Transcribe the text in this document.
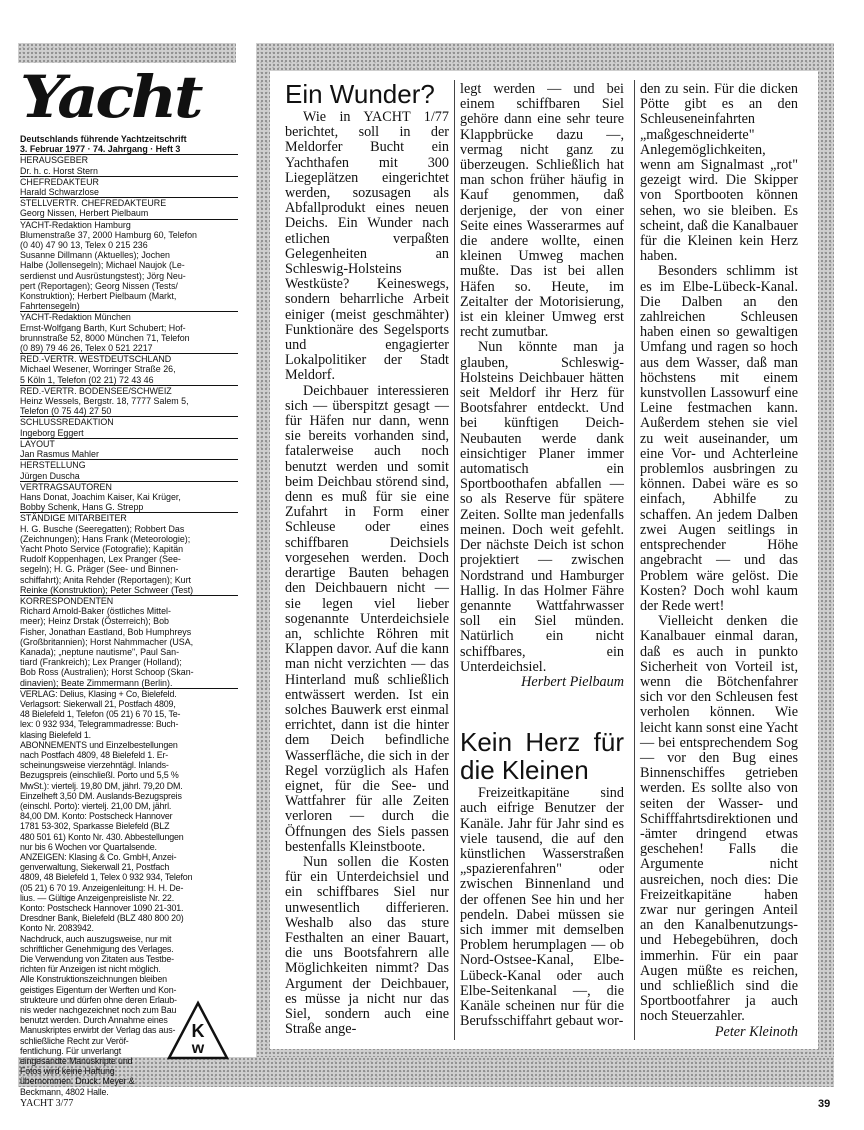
Yacht
Deutschlands führende Yachtzeitschrift
3. Februar 1977 · 74. Jahrgang · Heft 3
HERAUSGEBER
Dr. h. c. Horst Stern
CHEFREDAKTEUR
Harald Schwarzlose
STELLVERTR. CHEFREDAKTEURE
Georg Nissen, Herbert Pielbaum
YACHT-Redaktion Hamburg
Blumenstraße 37, 2000 Hamburg 60, Telefon
(0 40) 47 90 13, Telex 0 215 236
Susanne Dillmann (Aktuelles); Jochen
Halbe (Jollensegeln); Michael Naujok (Le-
serdienst und Ausrüstungstest); Jörg Neu-
pert (Reportagen); Georg Nissen (Tests/
Konstruktion); Herbert Pielbaum (Markt,
Fahrtensegeln)
YACHT-Redaktion München
Ernst-Wolfgang Barth, Kurt Schubert; Hof-
brunnstraße 52, 8000 München 71, Telefon
(0 89) 79 46 26, Telex 0 521 2217
RED.-VERTR. WESTDEUTSCHLAND
Michael Wesener, Worringer Straße 26,
5 Köln 1, Telefon (02 21) 72 43 46
RED.-VERTR. BODENSEE/SCHWEIZ
Heinz Wessels, Bergstr. 18, 7777 Salem 5,
Telefon (0 75 44) 27 50
SCHLUSSREDAKTION
Ingeborg Eggert
LAYOUT
Jan Rasmus Mahler
HERSTELLUNG
Jürgen Duscha
VERTRAGSAUTOREN
Hans Donat, Joachim Kaiser, Kai Krüger,
Bobby Schenk, Hans G. Strepp
STÄNDIGE MITARBEITER
H. G. Busche (Seeregatten); Robbert Das
(Zeichnungen); Hans Frank (Meteorologie);
Yacht Photo Service (Fotografie); Kapitän
Rudolf Koppenhagen, Lex Pranger (See-
segeln); H. G. Präger (See- und Binnen-
schiffahrt); Anita Rehder (Reportagen); Kurt
Reinke (Konstruktion); Peter Schweer (Test)
KORRESPONDENTEN
Richard Arnold-Baker (östliches Mittel-
meer); Heinz Drstak (Österreich); Bob
Fisher, Jonathan Eastland, Bob Humphreys
(Großbritannien); Horst Nahmmacher (USA,
Kanada); „neptune nautisme", Paul San-
tiard (Frankreich); Lex Pranger (Holland);
Bob Ross (Australien); Horst Schoop (Skan-
dinavien); Beate Zimmermann (Berlin).
VERLAG: Delius, Klasing + Co, Bielefeld.
Verlagsort: Siekerwall 21, Postfach 4809,
48 Bielefeld 1, Telefon (05 21) 6 70 15, Te-
lex: 0 932 934, Telegrammadresse: Buch-
klasing Bielefeld 1.
ABONNEMENTS und Einzelbestellungen
nach Postfach 4809, 48 Bielefeld 1. Er-
scheinungsweise vierzehntägl. Inlands-
Bezugspreis (einschließl. Porto und 5,5 %
MwSt.): viertelj. 19,80 DM, jährl. 79,20 DM.
Einzelheft 3,50 DM. Auslands-Bezugspreis
(einschl. Porto): viertelj. 21,00 DM, jährl.
84,00 DM. Konto: Postscheck Hannover
1781 53-302, Sparkasse Bielefeld (BLZ
480 501 61) Konto Nr. 430. Abbestellungen
nur bis 6 Wochen vor Quartalsende.
ANZEIGEN: Klasing & Co. GmbH, Anzei-
genverwaltung, Siekerwall 21, Postfach
4809, 48 Bielefeld 1, Telex 0 932 934, Telefon
(05 21) 6 70 19. Anzeigenleitung: H. H. De-
lius. — Gültige Anzeigenpreisliste Nr. 22.
Konto: Postscheck Hannover 1090 21-301.
Dresdner Bank, Bielefeld (BLZ 480 800 20)
Konto Nr. 2083942.
Nachdruck, auch auszugsweise, nur mit
schriftlicher Genehmigung des Verlages.
Die Verwendung von Zitaten aus Testbe-
richten für Anzeigen ist nicht möglich.
Alle Konstruktionszeichnungen bleiben
geistiges Eigentum der Werften und Kon-
strukteure und dürfen ohne deren Erlaub-
nis weder nachgezeichnet noch zum Bau
benutzt werden. Durch Annahme eines
Manuskriptes erwirbt der Verlag das aus-
schließliche Recht zur Veröf-
fentlichung. Für unverlangt
eingesandte Manuskripte und
Fotos wird keine Haftung
übernommen. Druck: Meyer &
Beckmann, 4802 Halle.
K
w
Ein Wunder?

Wie in YACHT 1/77 berichtet, soll in der Meldorfer Bucht ein Yachthafen mit 300 Liegeplätzen eingerichtet werden, sozusagen als Abfallprodukt eines neuen Deichs. Ein Wunder nach etlichen verpaßten Gelegenheiten an Schleswig-Holsteins Westküste? Keineswegs, sondern beharrliche Arbeit einiger (meist geschmähter) Funktionäre des Segelsports und engagierter Lokalpolitiker der Stadt Meldorf.

Deichbauer interessieren sich — überspitzt gesagt — für Häfen nur dann, wenn sie bereits vorhanden sind, fatalerweise auch noch benutzt werden und somit beim Deichbau störend sind, denn es muß für sie eine Zufahrt in Form einer Schleuse oder eines schiffbaren Deichsiels vorgesehen werden. Doch derartige Bauten behagen den Deichbauern nicht — sie legen viel lieber sogenannte Unterdeichsiele an, schlichte Röhren mit Klappen davor. Auf die kann man nicht verzichten — das Hinterland muß schließlich entwässert werden. Ist ein solches Bauwerk erst einmal errichtet, dann ist die hinter dem Deich befindliche Wasserfläche, die sich in der Regel vorzüglich als Hafen eignet, für die See- und Wattfahrer für alle Zeiten verloren — durch die Öffnungen des Siels passen bestenfalls Kleinstboote.

Nun sollen die Kosten für ein Unterdeichsiel und ein schiffbares Siel nur unwesentlich differieren. Weshalb also das sture Festhalten an einer Bauart, die uns Bootsfahrern alle Möglichkeiten nimmt? Das Argument der Deichbauer, es müsse ja nicht nur das Siel, sondern auch eine Straße ange-

legt werden — und bei einem schiffbaren Siel gehöre dann eine sehr teure Klappbrücke dazu —, vermag nicht ganz zu überzeugen. Schließlich hat man schon früher häufig in Kauf genommen, daß derjenige, der von einer Seite eines Wasserarmes auf die andere wollte, einen kleinen Umweg machen mußte. Das ist bei allen Häfen so. Heute, im Zeitalter der Motorisierung, ist ein kleiner Umweg erst recht zumutbar.

Nun könnte man ja glauben, Schleswig-Holsteins Deichbauer hätten seit Meldorf ihr Herz für Bootsfahrer entdeckt. Und bei künftigen Deich-Neubauten werde dank einsichtiger Planer immer automatisch ein Sportboothafen abfallen — so als Reserve für spätere Zeiten. Sollte man jedenfalls meinen. Doch weit gefehlt. Der nächste Deich ist schon projektiert — zwischen Nordstrand und Hamburger Hallig. In das Holmer Fähre genannte Wattfahrwasser soll ein Siel münden. Natürlich ein nicht schiffbares, ein Unterdeichsiel.

Herbert Pielbaum
Kein Herz für die Kleinen

Freizeitkapitäne sind auch eifrige Benutzer der Kanäle. Jahr für Jahr sind es viele tausend, die auf den künstlichen Wasserstraßen „spazierenfahren" oder zwischen Binnenland und der offenen See hin und her pendeln. Dabei müssen sie sich immer mit demselben Problem herumplagen — ob Nord-Ostsee-Kanal, Elbe-Lübeck-Kanal oder auch Elbe-Seitenkanal —, die Kanäle scheinen nur für die Berufsschiffahrt gebaut wor-

den zu sein. Für die dicken Pötte gibt es an den Schleuseneinfahrten „maßgeschneiderte" Anlegemöglichkeiten, wenn am Signalmast „rot" gezeigt wird. Die Skipper von Sportbooten können sehen, wo sie bleiben. Es scheint, daß die Kanalbauer für die Kleinen kein Herz haben.

Besonders schlimm ist es im Elbe-Lübeck-Kanal. Die Dalben an den zahlreichen Schleusen haben einen so gewaltigen Umfang und ragen so hoch aus dem Wasser, daß man höchstens mit einem kunstvollen Lassowurf eine Leine festmachen kann. Außerdem stehen sie viel zu weit auseinander, um eine Vor- und Achterleine problemlos ausbringen zu können. Dabei wäre es so einfach, Abhilfe zu schaffen. An jedem Dalben zwei Augen seitlings in entsprechender Höhe angebracht — und das Problem wäre gelöst. Die Kosten? Doch wohl kaum der Rede wert!

Vielleicht denken die Kanalbauer einmal daran, daß es auch in punkto Sicherheit von Vorteil ist, wenn die Bötchenfahrer sich vor den Schleusen fest verholen können. Wie leicht kann sonst eine Yacht — bei entsprechendem Sog — vor den Bug eines Binnenschiffes getrieben werden. Es sollte also von seiten der Wasser- und Schifffahrtsdirektionen und -ämter dringend etwas geschehen! Falls die Argumente nicht ausreichen, noch dies: Die Freizeitkapitäne haben zwar nur geringen Anteil an den Kanalbenutzungs- und Hebegebühren, doch immerhin. Für ein paar Augen müßte es reichen, und schließlich sind die Sportbootfahrer ja auch noch Steuerzahler.

Peter Kleinoth
YACHT 3/77	39
